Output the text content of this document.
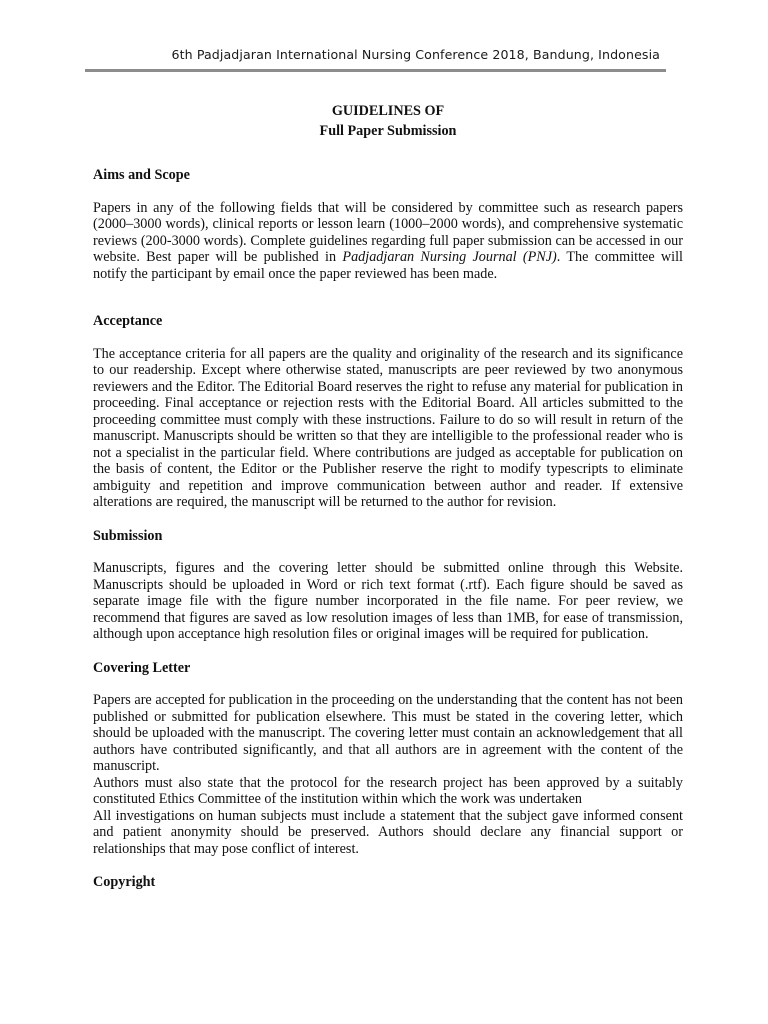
6th Padjadjaran International Nursing Conference 2018, Bandung, Indonesia

GUIDELINES OF

Full Paper Submission

Aims and Scope

Papers in any of the following fields that will be considered by committee such as research papers (2000–3000 words), clinical reports or lesson learn (1000–2000 words), and comprehensive systematic reviews (200-3000 words). Complete guidelines regarding full paper submission can be accessed in our website. Best paper will be published in Padjadjaran Nursing Journal (PNJ). The committee will notify the participant by email once the paper reviewed has been made.

Acceptance

The acceptance criteria for all papers are the quality and originality of the research and its significance to our readership. Except where otherwise stated, manuscripts are peer reviewed by two anonymous reviewers and the Editor. The Editorial Board reserves the right to refuse any material for publication in proceeding. Final acceptance or rejection rests with the Editorial Board. All articles submitted to the proceeding committee must comply with these instructions. Failure to do so will result in return of the manuscript. Manuscripts should be written so that they are intelligible to the professional reader who is not a specialist in the particular field. Where contributions are judged as acceptable for publication on the basis of content, the Editor or the Publisher reserve the right to modify typescripts to eliminate ambiguity and repetition and improve communication between author and reader. If extensive alterations are required, the manuscript will be returned to the author for revision.

Submission

Manuscripts, figures and the covering letter should be submitted online through this Website. Manuscripts should be uploaded in Word or rich text format (.rtf). Each figure should be saved as separate image file with the figure number incorporated in the file name. For peer review, we recommend that figures are saved as low resolution images of less than 1MB, for ease of transmission, although upon acceptance high resolution files or original images will be required for publication.

Covering Letter

Papers are accepted for publication in the proceeding on the understanding that the content has not been published or submitted for publication elsewhere. This must be stated in the covering letter, which should be uploaded with the manuscript. The covering letter must contain an acknowledgement that all authors have contributed significantly, and that all authors are in agreement with the content of the manuscript.

Authors must also state that the protocol for the research project has been approved by a suitably constituted Ethics Committee of the institution within which the work was undertaken

All investigations on human subjects must include a statement that the subject gave informed consent and patient anonymity should be preserved. Authors should declare any financial support or relationships that may pose conflict of interest.

Copyright
